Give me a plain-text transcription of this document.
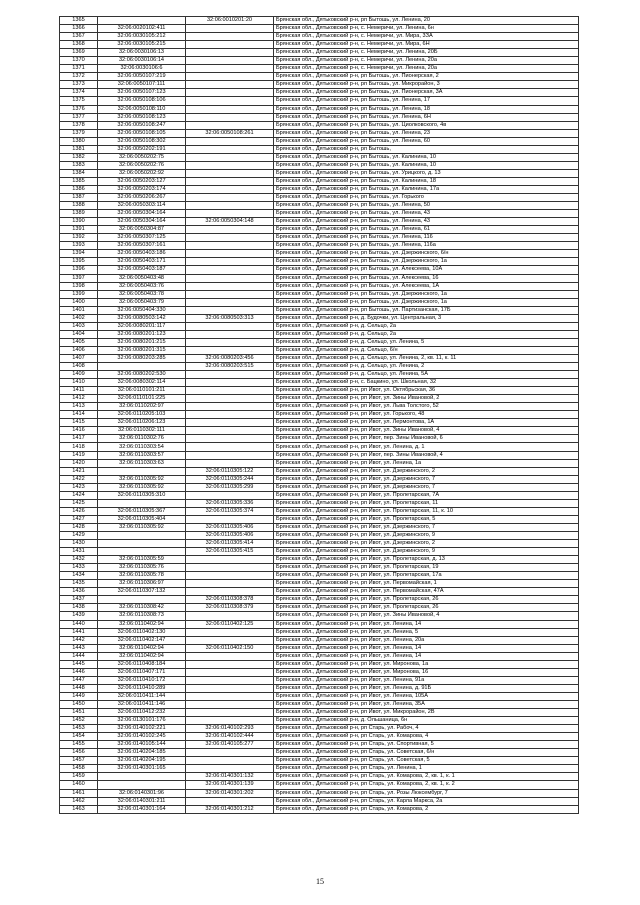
1365		32:06:0010201:20	Брянская обл., Дятьковский р-н, рп Бытошь, ул. Ленина, 20
1366	32:06:0020102:411		Брянская обл., Дятьковский р-н, с. Немеричи, ул. Ленина, 6н
1367	32:06:0030105:212		Брянская обл., Дятьковский р-н, с. Немеричи, ул. Мира, 3ЗА
1368	32:06:0030105:215		Брянская обл., Дятьковский р-н, с. Немеричи, ул. Мира, 6Н
1369	32:06:0030106:13		Брянская обл., Дятьковский р-н, с. Немеричи, ул. Ленина, 20Б
1370	32:06:0030106:14		Брянская обл., Дятьковский р-н, с. Немеричи, ул. Ленина, 20а
1371	32:06:0030106:6		Брянская обл., Дятьковский р-н, с. Немеричи, ул. Ленина, 20а
1372	32:06:0050107:219		Брянская обл., Дятьковский р-н, рп Бытошь, ул. Пионерская, 2
1373	32:06:0050107:111		Брянская обл., Дятьковский р-н, рп Бытошь, ул. Микрорайон, 3
1374	32:06:0050107:123		Брянская обл., Дятьковский р-н, рп Бытошь, ул. Пионерская, 3А
1375	32:06:0050108:106		Брянская обл., Дятьковский р-н, рп Бытошь, ул. Ленина, 17
1376	32:06:0050108:110		Брянская обл., Дятьковский р-н, рп Бытошь, ул. Ленина, 18
1377	32:06:0050108:123		Брянская обл., Дятьковский р-н, рп Бытошь, ул. Ленина, 6Н
1378	32:06:0050108:247		Брянская обл., Дятьковский р-н, рп Бытошь, ул. Циолковского, 4в
1379	32:06:0050108:105	32:06:0050108:261	Брянская обл., Дятьковский р-н, рп Бытошь, ул. Ленина, 23
1380	32:06:0050108:302		Брянская обл., Дятьковский р-н, рп Бытошь, ул. Ленина, 60
1381	32:06:0050202:191		Брянская обл., Дятьковский р-н, рп Бытошь,
1382	32:06:0050202:75		Брянская обл., Дятьковский р-н, рп Бытошь, ул. Калинина, 10
1383	32:06:0050202:76		Брянская обл., Дятьковский р-н, рп Бытошь, ул. Калинина, 10
1384	32:06:0050202:92		Брянская обл., Дятьковский р-н, рп Бытошь, ул. Урицкого, д. 13
1385	32:06:0050203:127		Брянская обл., Дятьковский р-н, рп Бытошь, ул. Калинина, 18
1386	32:06:0050203:174		Брянская обл., Дятьковский р-н, рп Бытошь, ул. Калинина, 17а
1387	32:06:0050206:267		Брянская обл., Дятьковский р-н, рп Бытошь, ул. Горького
1388	32:06:0050303:114		Брянская обл., Дятьковский р-н, рп Бытошь, ул. Ленина, 50
1389	32:06:0050304:164		Брянская обл., Дятьковский р-н, рп Бытошь, ул. Ленина, 43
1390	32:06:0050304:164	32:06:0050304:148	Брянская обл., Дятьковский р-н, рп Бытошь, ул. Ленина, 43
1391	32:06:0050304:87		Брянская обл., Дятьковский р-н, рп Бытошь, ул. Ленина, 61
1392	32:06:0050307:125		Брянская обл., Дятьковский р-н, рп Бытошь, ул. Ленина, 116
1393	32:06:0050307:161		Брянская обл., Дятьковский р-н, рп Бытошь, ул. Ленина, 116а
1394	32:06:0050403:186		Брянская обл., Дятьковский р-н, рп Бытошь, ул. Дзержинского, 6/н
1395	32:06:0050403:171		Брянская обл., Дятьковский р-н, рп Бытошь, ул. Дзержинского, 1а
1396	32:06:0050403:187		Брянская обл., Дятьковский р-н, рп Бытошь, ул. Алексеева, 10А
1397	32:06:0050403:48		Брянская обл., Дятьковский р-н, рп Бытошь, ул. Алексеева, 16
1398	32:06:0050403:76		Брянская обл., Дятьковский р-н, рп Бытошь, ул. Алексеева, 1А
1399	32:06:0050403:78		Брянская обл., Дятьковский р-н, рп Бытошь, ул. Дзержинского, 1а
1400	32:06:0050403:79		Брянская обл., Дятьковский р-н, рп Бытошь, ул. Дзержинского, 1а
1401	32:06:0050404:330		Брянская обл., Дятьковский р-н, рп Бытошь, ул. Партизанская, 17Б
1402	32:06:0080503:142	32:06:0080503:313	Брянская обл., Дятьковский р-н, д. Будочки, ул. Центральная, 3
1403	32:06:0080201:117		Брянская обл., Дятьковский р-н, д. Сельцо, 2а
1404	32:06:0080201:123		Брянская обл., Дятьковский р-н, д. Сельцо, 2а
1405	32:06:0080201:215		Брянская обл., Дятьковский р-н, д. Сельцо, ул. Ленина, 5
1406	32:06:0080201:315		Брянская обл., Дятьковский р-н, д. Сельцо, 6/н
1407	32:06:0080203:285	32:06:0080203:456	Брянская обл., Дятьковский р-н, д. Сельцо, ул. Ленина, 2, кв. 11, к. 11
1408		32:06:0080203:515	Брянская обл., Дятьковский р-н, д. Сельцо, ул. Ленина, 2
1409	32:06:0080202:530		Брянская обл., Дятьковский р-н, д. Сельцо, ул. Ленина, 5А
1410	32:06:0080302:114		Брянская обл., Дятьковский р-н, с. Бацкино, ул. Школьная, 32
1411	32:06:0110101:211		Брянская обл., Дятьковский р-н, рп Ивот, ул. Октябрьская, 36
1412	32:06:0110101:225		Брянская обл., Дятьковский р-н, рп Ивот, ул. Зины Ивановой, 2
1413	32:06:0110202:97		Брянская обл., Дятьковский р-н, рп Ивот, ул. Льва Толстого, 52
1414	32:06:0110205:103		Брянская обл., Дятьковский р-н, рп Ивот, ул. Горького, 48
1415	32:06:0110206:123		Брянская обл., Дятьковский р-н, рп Ивот, ул. Лермонтова, 1А
1416	32:06:0110302:111		Брянская обл., Дятьковский р-н, рп Ивот, ул. Зины Ивановой, 4
1417	32:06:0110302:76		Брянская обл., Дятьковский р-н, рп Ивот, пер. Зины Ивановой, 6
1418	32:06:0110303:54		Брянская обл., Дятьковский р-н, рп Ивот, ул. Ленина, д. 1
1419	32:06:0110303:57		Брянская обл., Дятьковский р-н, рп Ивот, пер. Зины Ивановой, 4
1420	32:06:0110303:63		Брянская обл., Дятьковский р-н, рп Ивот, ул. Ленина, 1а
1421		32:06:0110305:122	Брянская обл., Дятьковский р-н, рп Ивот, ул. Дзержинского, 2
1422	32:06:0110305:92	32:06:0110305:244	Брянская обл., Дятьковский р-н, рп Ивот, ул. Дзержинского, 7
1423	32:06:0110305:92	32:06:0110305:299	Брянская обл., Дятьковский р-н, рп Ивот, ул. Дзержинского, 7
1424	32:06:0110305:310		Брянская обл., Дятьковский р-н, рп Ивот, ул. Пролетарская, 7А
1425		32:06:0110305:336	Брянская обл., Дятьковский р-н, рп Ивот, ул. Пролетарская, 11
1426	32:06:0110305:367	32:06:0110305:374	Брянская обл., Дятьковский р-н, рп Ивот, ул. Пролетарская, 11, к. 10
1427	32:06:0110305:404		Брянская обл., Дятьковский р-н, рп Ивот, ул. Пролетарская, 5
1428	32:06:0110305:92	32:06:0110305:406	Брянская обл., Дятьковский р-н, рп Ивот, ул. Дзержинского, 7
1429		32:06:0110305:406	Брянская обл., Дятьковский р-н, рп Ивот, ул. Дзержинского, 9
1430		32:06:0110305:414	Брянская обл., Дятьковский р-н, рп Ивот, ул. Дзержинского, 2
1431		32:06:0110305:415	Брянская обл., Дятьковский р-н, рп Ивот, ул. Дзержинского, 9
1432	32:06:0110305:59		Брянская обл., Дятьковский р-н, рп Ивот, ул. Пролетарская, д. 13
1433	32:06:0110305:76		Брянская обл., Дятьковский р-н, рп Ивот, ул. Пролетарская, 19
1434	32:06:0110305:78		Брянская обл., Дятьковский р-н, рп Ивот, ул. Пролетарская, 17а
1435	32:06:0110306:97		Брянская обл., Дятьковский р-н, рп Ивот, ул. Первомайская, 1
1436	32:06:0110307:132		Брянская обл., Дятьковский р-н, рп Ивот, ул. Первомайская, 47А
1437		32:06:0110308:378	Брянская обл., Дятьковский р-н, рп Ивот, ул. Пролетарская, 26
1438	32:06:0110308:42	32:06:0110308:379	Брянская обл., Дятьковский р-н, рп Ивот, ул. Пролетарская, 26
1439	32:06:0110308:73		Брянская обл., Дятьковский р-н, рп Ивот, ул. Зины Ивановой, 4
1440	32:06:0110402:94	32:06:0110402:125	Брянская обл., Дятьковский р-н, рп Ивот, ул. Ленина, 14
1441	32:06:0110402:130		Брянская обл., Дятьковский р-н, рп Ивот, ул. Ленина, 5
1442	32:06:0110402:147		Брянская обл., Дятьковский р-н, рп Ивот, ул. Ленина, 20а
1443	32:06:0110402:94	32:06:0110402:150	Брянская обл., Дятьковский р-н, рп Ивот, ул. Ленина, 14
1444	32:06:0110402:94		Брянская обл., Дятьковский р-н, рп Ивот, ул. Ленина, 14
1445	32:06:0110408:184		Брянская обл., Дятьковский р-н, рп Ивот, ул. Миронова, 1а
1446	32:06:0110407:171		Брянская обл., Дятьковский р-н, рп Ивот, ул. Миронова, 16
1447	32:06:0110410:172		Брянская обл., Дятьковский р-н, рп Ивот, ул. Ленина, 91а
1448	32:06:0110410:289		Брянская обл., Дятьковский р-н, рп Ивот, ул. Ленина, д. 91Б
1449	32:06:0110411:144		Брянская обл., Дятьковский р-н, рп Ивот, ул. Ленина, 105А
1450	32:06:0110411:146		Брянская обл., Дятьковский р-н, рп Ивот, ул. Ленина, 35А
1451	32:06:0110412:232		Брянская обл., Дятьковский р-н, рп Ивот, ул. Микрорайон, 2В
1452	32:06:0130101:176		Брянская обл., Дятьковский р-н, д. Ольшаница, 6н
1453	32:06:0140102:221	32:06:0140102:293	Брянская обл., Дятьковский р-н, рп Старь, ул. Рабоч, 4
1454	32:06:0140102:245	32:06:0140102:444	Брянская обл., Дятьковский р-н, рп Старь, ул. Комарова, 4
1455	32:06:0140105:144	32:06:0140105:277	Брянская обл., Дятьковский р-н, рп Старь, ул. Спортивная, 5
1456	32:06:0140204:185		Брянская обл., Дятьковский р-н, рп Старь, ул. Советская, 6/н
1457	32:06:0140204:195		Брянская обл., Дятьковский р-н, рп Старь, ул. Советская, 5
1458	32:06:0140301:165		Брянская обл., Дятьковский р-н, рп Старь, ул. Ленина, 1
1459		32:06:0140301:132	Брянская обл., Дятьковский р-н, рп Старь, ул. Комарова, 2, кв. 1, к. 1
1460		32:06:0140301:139	Брянская обл., Дятьковский р-н, рп Старь, ул. Комарова, 2, кв. 1, к. 2
1461	32:06:0140301:96	32:06:0140301:202	Брянская обл., Дятьковский р-н, рп Старь, ул. Розы Люксембург, 7
1462	32:06:0140301:211		Брянская обл., Дятьковский р-н, рп Старь, ул. Карла Маркса, 2а
1463	32:06:0140301:164	32:06:0140301:212	Брянская обл., Дятьковский р-н, рп Старь, ул. Комарова, 2
15
